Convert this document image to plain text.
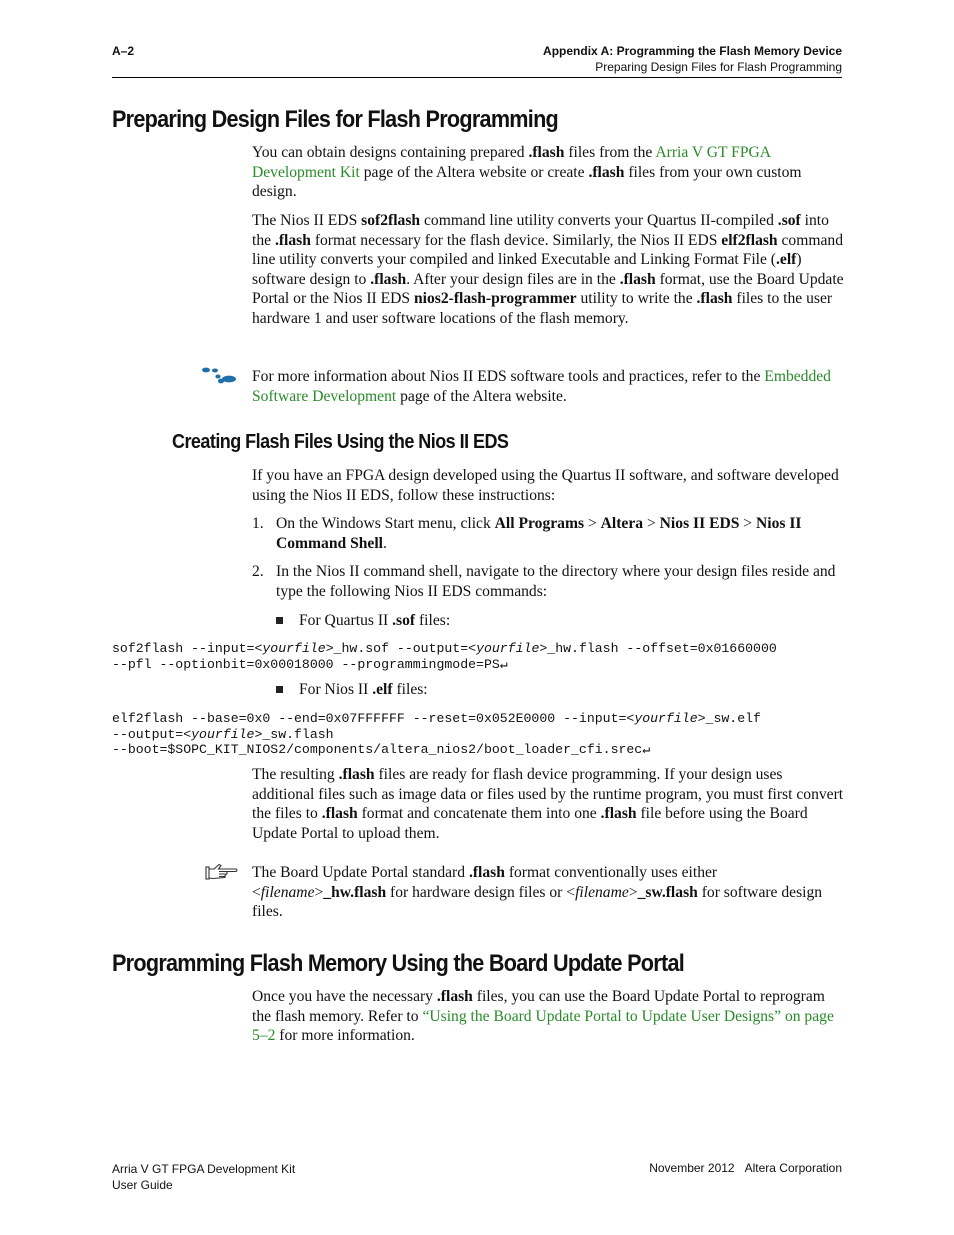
A–2	Appendix A: Programming the Flash Memory Device
Preparing Design Files for Flash Programming
Preparing Design Files for Flash Programming
You can obtain designs containing prepared .flash files from the Arria V GT FPGA Development Kit page of the Altera website or create .flash files from your own custom design.
The Nios II EDS sof2flash command line utility converts your Quartus II-compiled .sof into the .flash format necessary for the flash device. Similarly, the Nios II EDS elf2flash command line utility converts your compiled and linked Executable and Linking Format File (.elf) software design to .flash. After your design files are in the .flash format, use the Board Update Portal or the Nios II EDS nios2-flash-programmer utility to write the .flash files to the user hardware 1 and user software locations of the flash memory.
For more information about Nios II EDS software tools and practices, refer to the Embedded Software Development page of the Altera website.
Creating Flash Files Using the Nios II EDS
If you have an FPGA design developed using the Quartus II software, and software developed using the Nios II EDS, follow these instructions:
1. On the Windows Start menu, click All Programs > Altera > Nios II EDS > Nios II Command Shell.
2. In the Nios II command shell, navigate to the directory where your design files reside and type the following Nios II EDS commands:
For Quartus II .sof files:
sof2flash --input=<yourfile>_hw.sof --output=<yourfile>_hw.flash --offset=0x01660000
--pfl --optionbit=0x00018000 --programmingmode=PS↵
For Nios II .elf files:
elf2flash --base=0x0 --end=0x07FFFFFF --reset=0x052E0000 --input=<yourfile>_sw.elf
--output=<yourfile>_sw.flash
--boot=$SOPC_KIT_NIOS2/components/altera_nios2/boot_loader_cfi.srec↵
The resulting .flash files are ready for flash device programming. If your design uses additional files such as image data or files used by the runtime program, you must first convert the files to .flash format and concatenate them into one .flash file before using the Board Update Portal to upload them.
The Board Update Portal standard .flash format conventionally uses either <filename>_hw.flash for hardware design files or <filename>_sw.flash for software design files.
Programming Flash Memory Using the Board Update Portal
Once you have the necessary .flash files, you can use the Board Update Portal to reprogram the flash memory. Refer to “Using the Board Update Portal to Update User Designs” on page 5–2 for more information.
Arria V GT FPGA Development Kit
User Guide
November 2012 Altera Corporation
